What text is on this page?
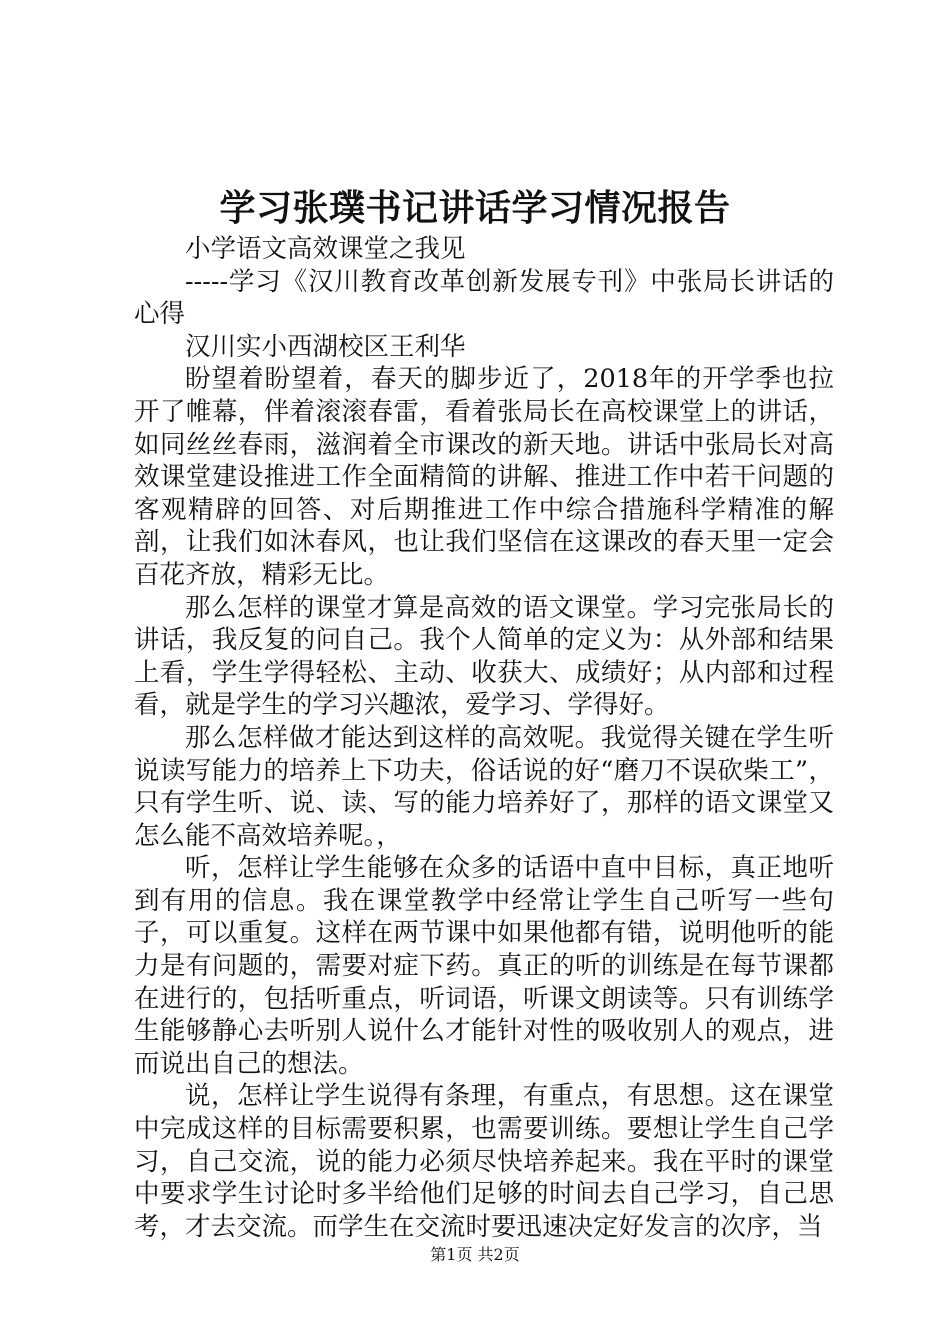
学习张璞书记讲话学习情况报告

小学语文高效课堂之我见

-----学习《汉川教育改革创新发展专刊》中张局长讲话的心得

汉川实小西湖校区王利华

盼望着盼望着，春天的脚步近了，2018年的开学季也拉开了帷幕，伴着滚滚春雷，看着张局长在高校课堂上的讲话，如同丝丝春雨，滋润着全市课改的新天地。讲话中张局长对高效课堂建设推进工作全面精简的讲解、推进工作中若干问题的客观精辟的回答、对后期推进工作中综合措施科学精准的解剖，让我们如沐春风，也让我们坚信在这课改的春天里一定会百花齐放，精彩无比。

那么怎样的课堂才算是高效的语文课堂。学习完张局长的讲话，我反复的问自己。我个人简单的定义为：从外部和结果上看，学生学得轻松、主动、收获大、成绩好；从内部和过程看，就是学生的学习兴趣浓，爱学习、学得好。

那么怎样做才能达到这样的高效呢。我觉得关键在学生听说读写能力的培养上下功夫，俗话说的好“磨刀不误砍柴工”，只有学生听、说、读、写的能力培养好了，那样的语文课堂又怎么能不高效培养呢。，

听，怎样让学生能够在众多的话语中直中目标，真正地听到有用的信息。我在课堂教学中经常让学生自己听写一些句子，可以重复。这样在两节课中如果他都有错，说明他听的能力是有问题的，需要对症下药。真正的听的训练是在每节课都在进行的，包括听重点，听词语，听课文朗读等。只有训练学生能够静心去听别人说什么才能针对性的吸收别人的观点，进而说出自己的想法。

说，怎样让学生说得有条理，有重点，有思想。这在课堂中完成这样的目标需要积累，也需要训练。要想让学生自己学习，自己交流，说的能力必须尽快培养起来。我在平时的课堂中要求学生讨论时多半给他们足够的时间去自己学习，自己思考，才去交流。而学生在交流时要迅速决定好发言的次序，当

第1页 共2页
